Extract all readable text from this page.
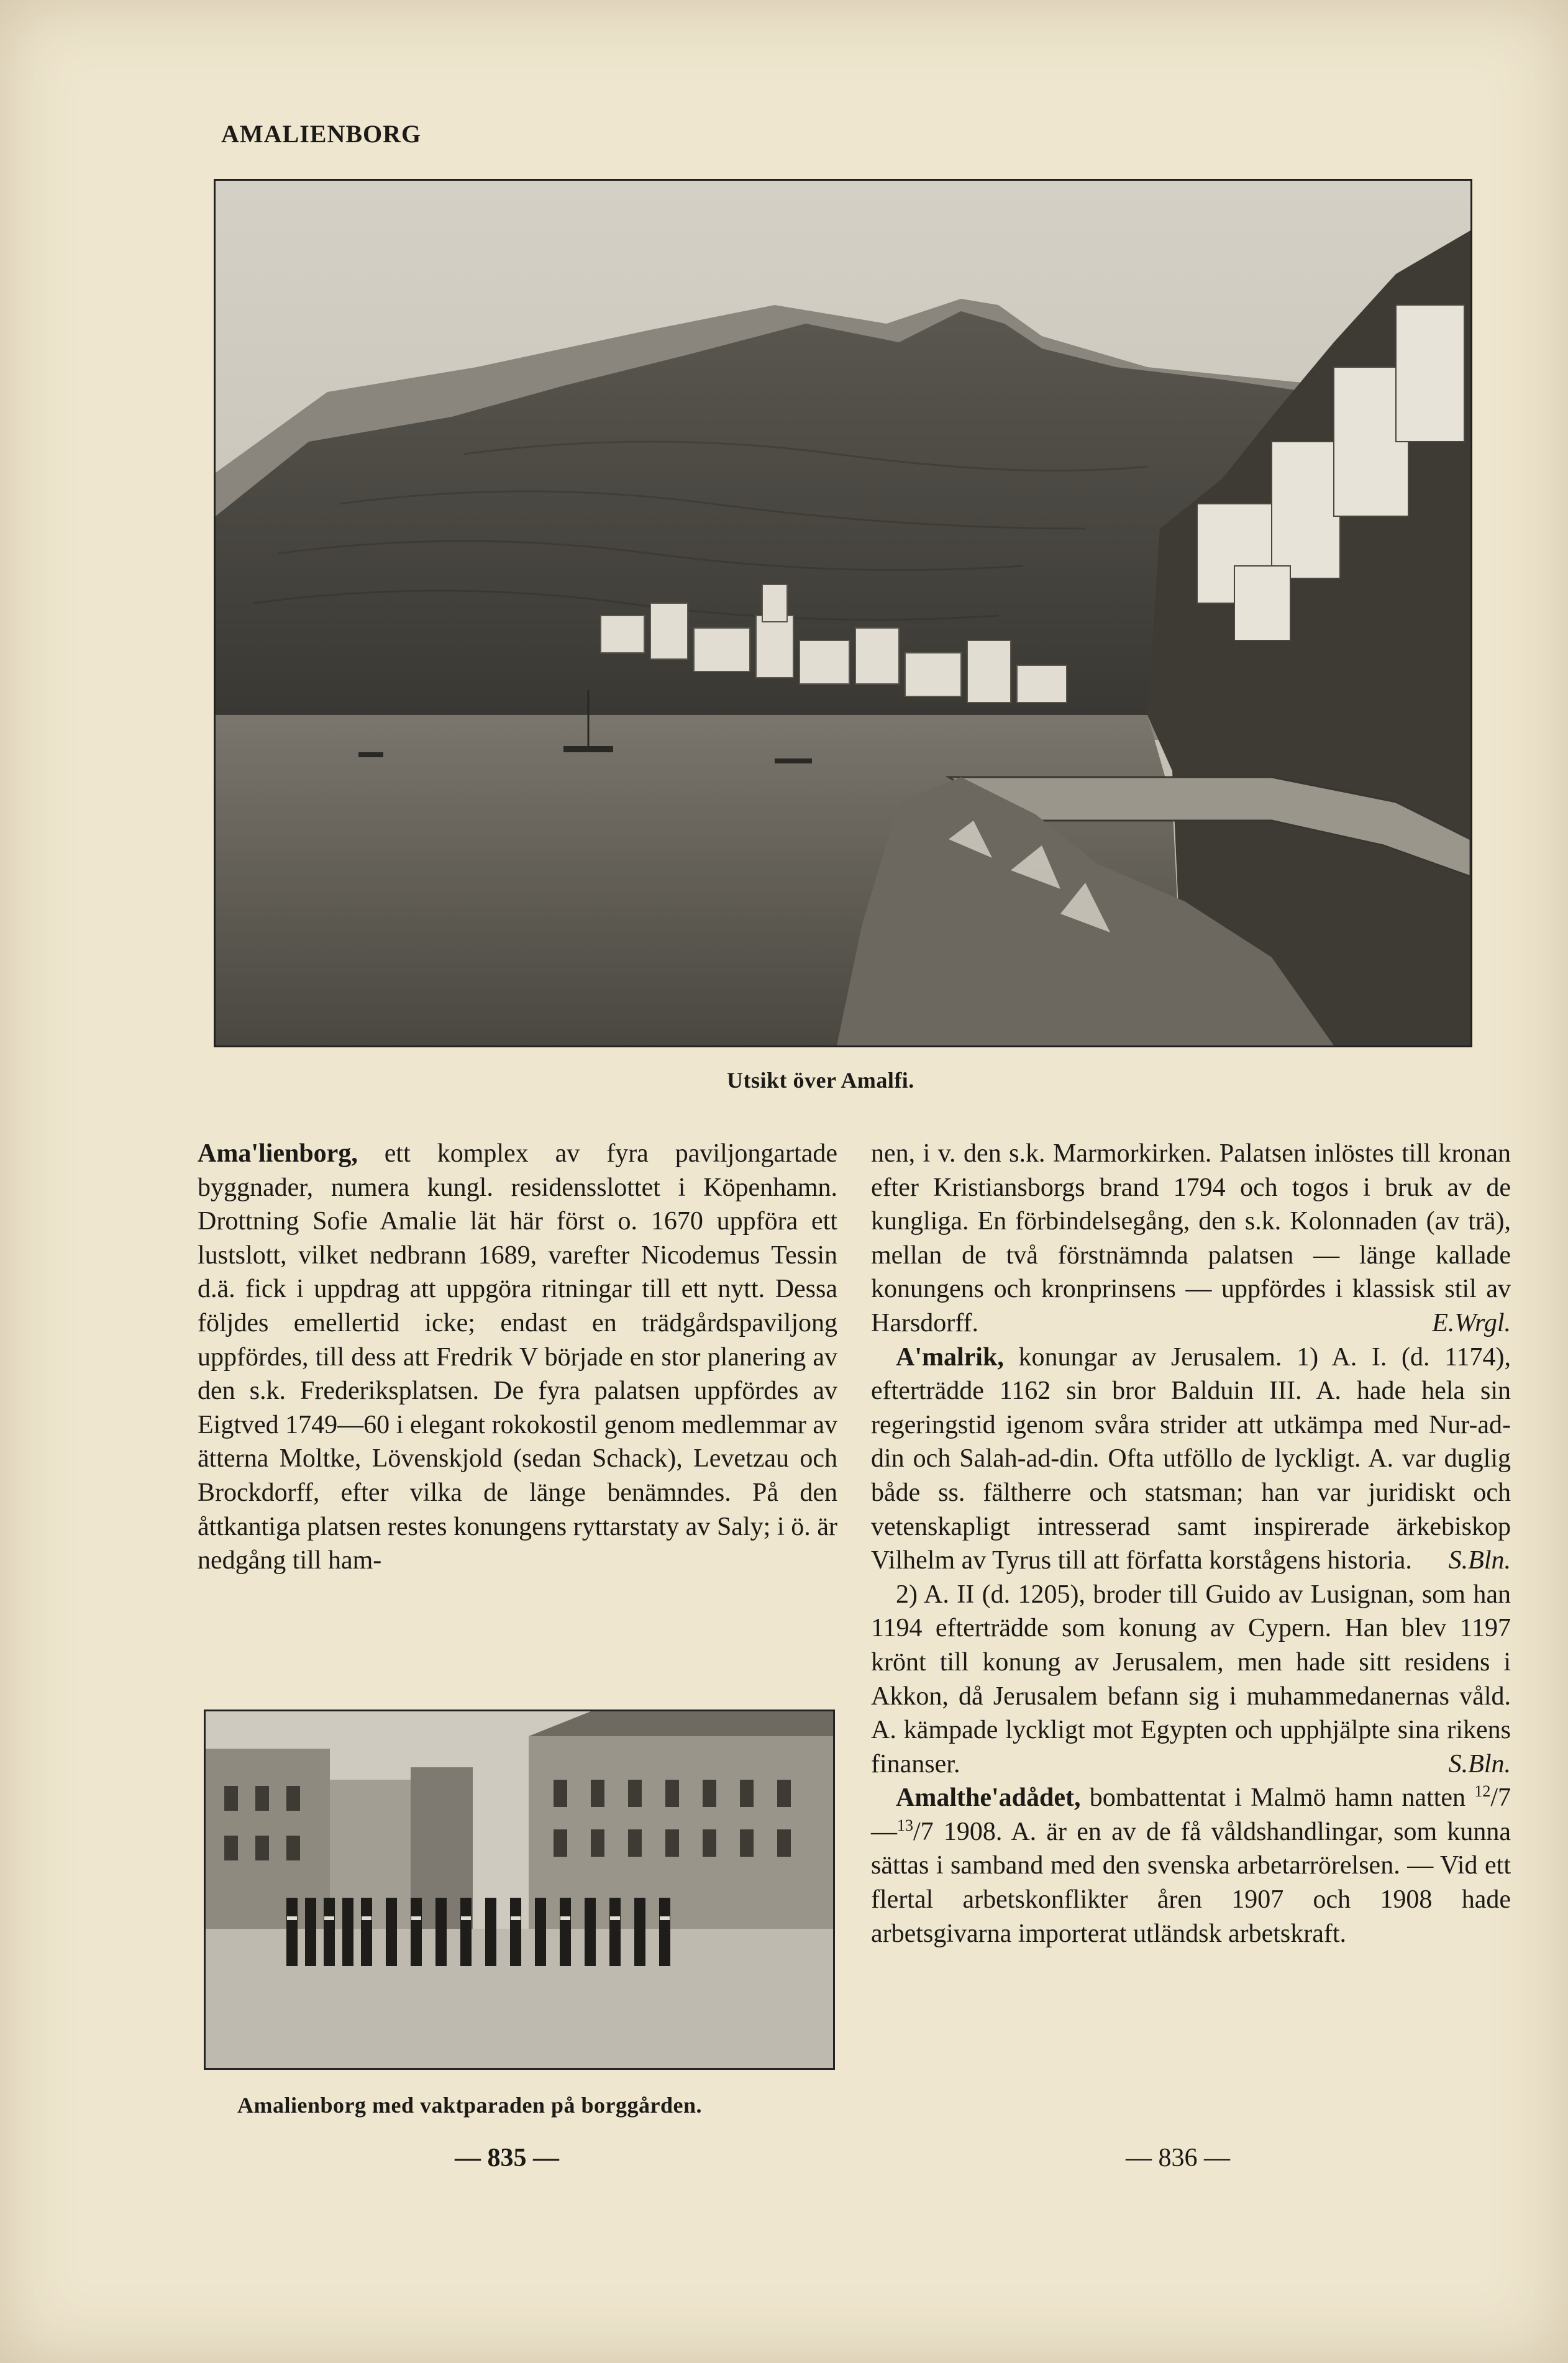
AMALIENBORG
Utsikt över Amalfi.

Ama'lienborg, ett komplex av fyra paviljongartade byggnader, numera kungl. residensslottet i Köpenhamn. Drottning Sofie Amalie lät här först o. 1670 uppföra ett lustslott, vilket nedbrann 1689, varefter Nicodemus Tessin d.ä. fick i uppdrag att uppgöra ritningar till ett nytt. Dessa följdes emellertid icke; endast en trädgårdspaviljong uppfördes, till dess att Fredrik V började en stor planering av den s.k. Frederiksplatsen. De fyra palatsen uppfördes av Eigtved 1749—60 i elegant rokokostil genom medlemmar av ätterna Moltke, Lövenskjold (sedan Schack), Levetzau och Brockdorff, efter vilka de länge benämndes. På den åttkantiga platsen restes konungens ryttarstaty av Saly; i ö. är nedgång till ham-

Amalienborg med vaktparaden på borggården.

nen, i v. den s.k. Marmorkirken. Palatsen inlöstes till kronan efter Kristiansborgs brand 1794 och togos i bruk av de kungliga. En förbindelsegång, den s.k. Kolonnaden (av trä), mellan de två förstnämnda palatsen — länge kallade konungens och kronprinsens — uppfördes i klassisk stil av Harsdorff.	E.Wrgl.

A'malrik, konungar av Jerusalem. 1) A. I. (d. 1174), efterträdde 1162 sin bror Balduin III. A. hade hela sin regeringstid igenom svåra strider att utkämpa med Nur-ad-din och Salah-ad-din. Ofta utföllo de lyckligt. A. var duglig både ss. fältherre och statsman; han var juridiskt och vetenskapligt intresserad samt inspirerade ärkebiskop Vilhelm av Tyrus till att författa korstågens historia.	S.Bln.

2) A. II (d. 1205), broder till Guido av Lusignan, som han 1194 efterträdde som konung av Cypern. Han blev 1197 krönt till konung av Jerusalem, men hade sitt residens i Akkon, då Jerusalem befann sig i muhammedanernas våld. A. kämpade lyckligt mot Egypten och upphjälpte sina rikens finanser.	S.Bln.

Amalthe'adådet, bombattentat i Malmö hamn natten $^{12}$/7—$^{13}$/7 1908. A. är en av de få våldshandlingar, som kunna sättas i samband med den svenska arbetarrörelsen. — Vid ett flertal arbetskonflikter åren 1907 och 1908 hade arbetsgivarna importerat utländsk arbetskraft.

— 835 —	— 836 —
